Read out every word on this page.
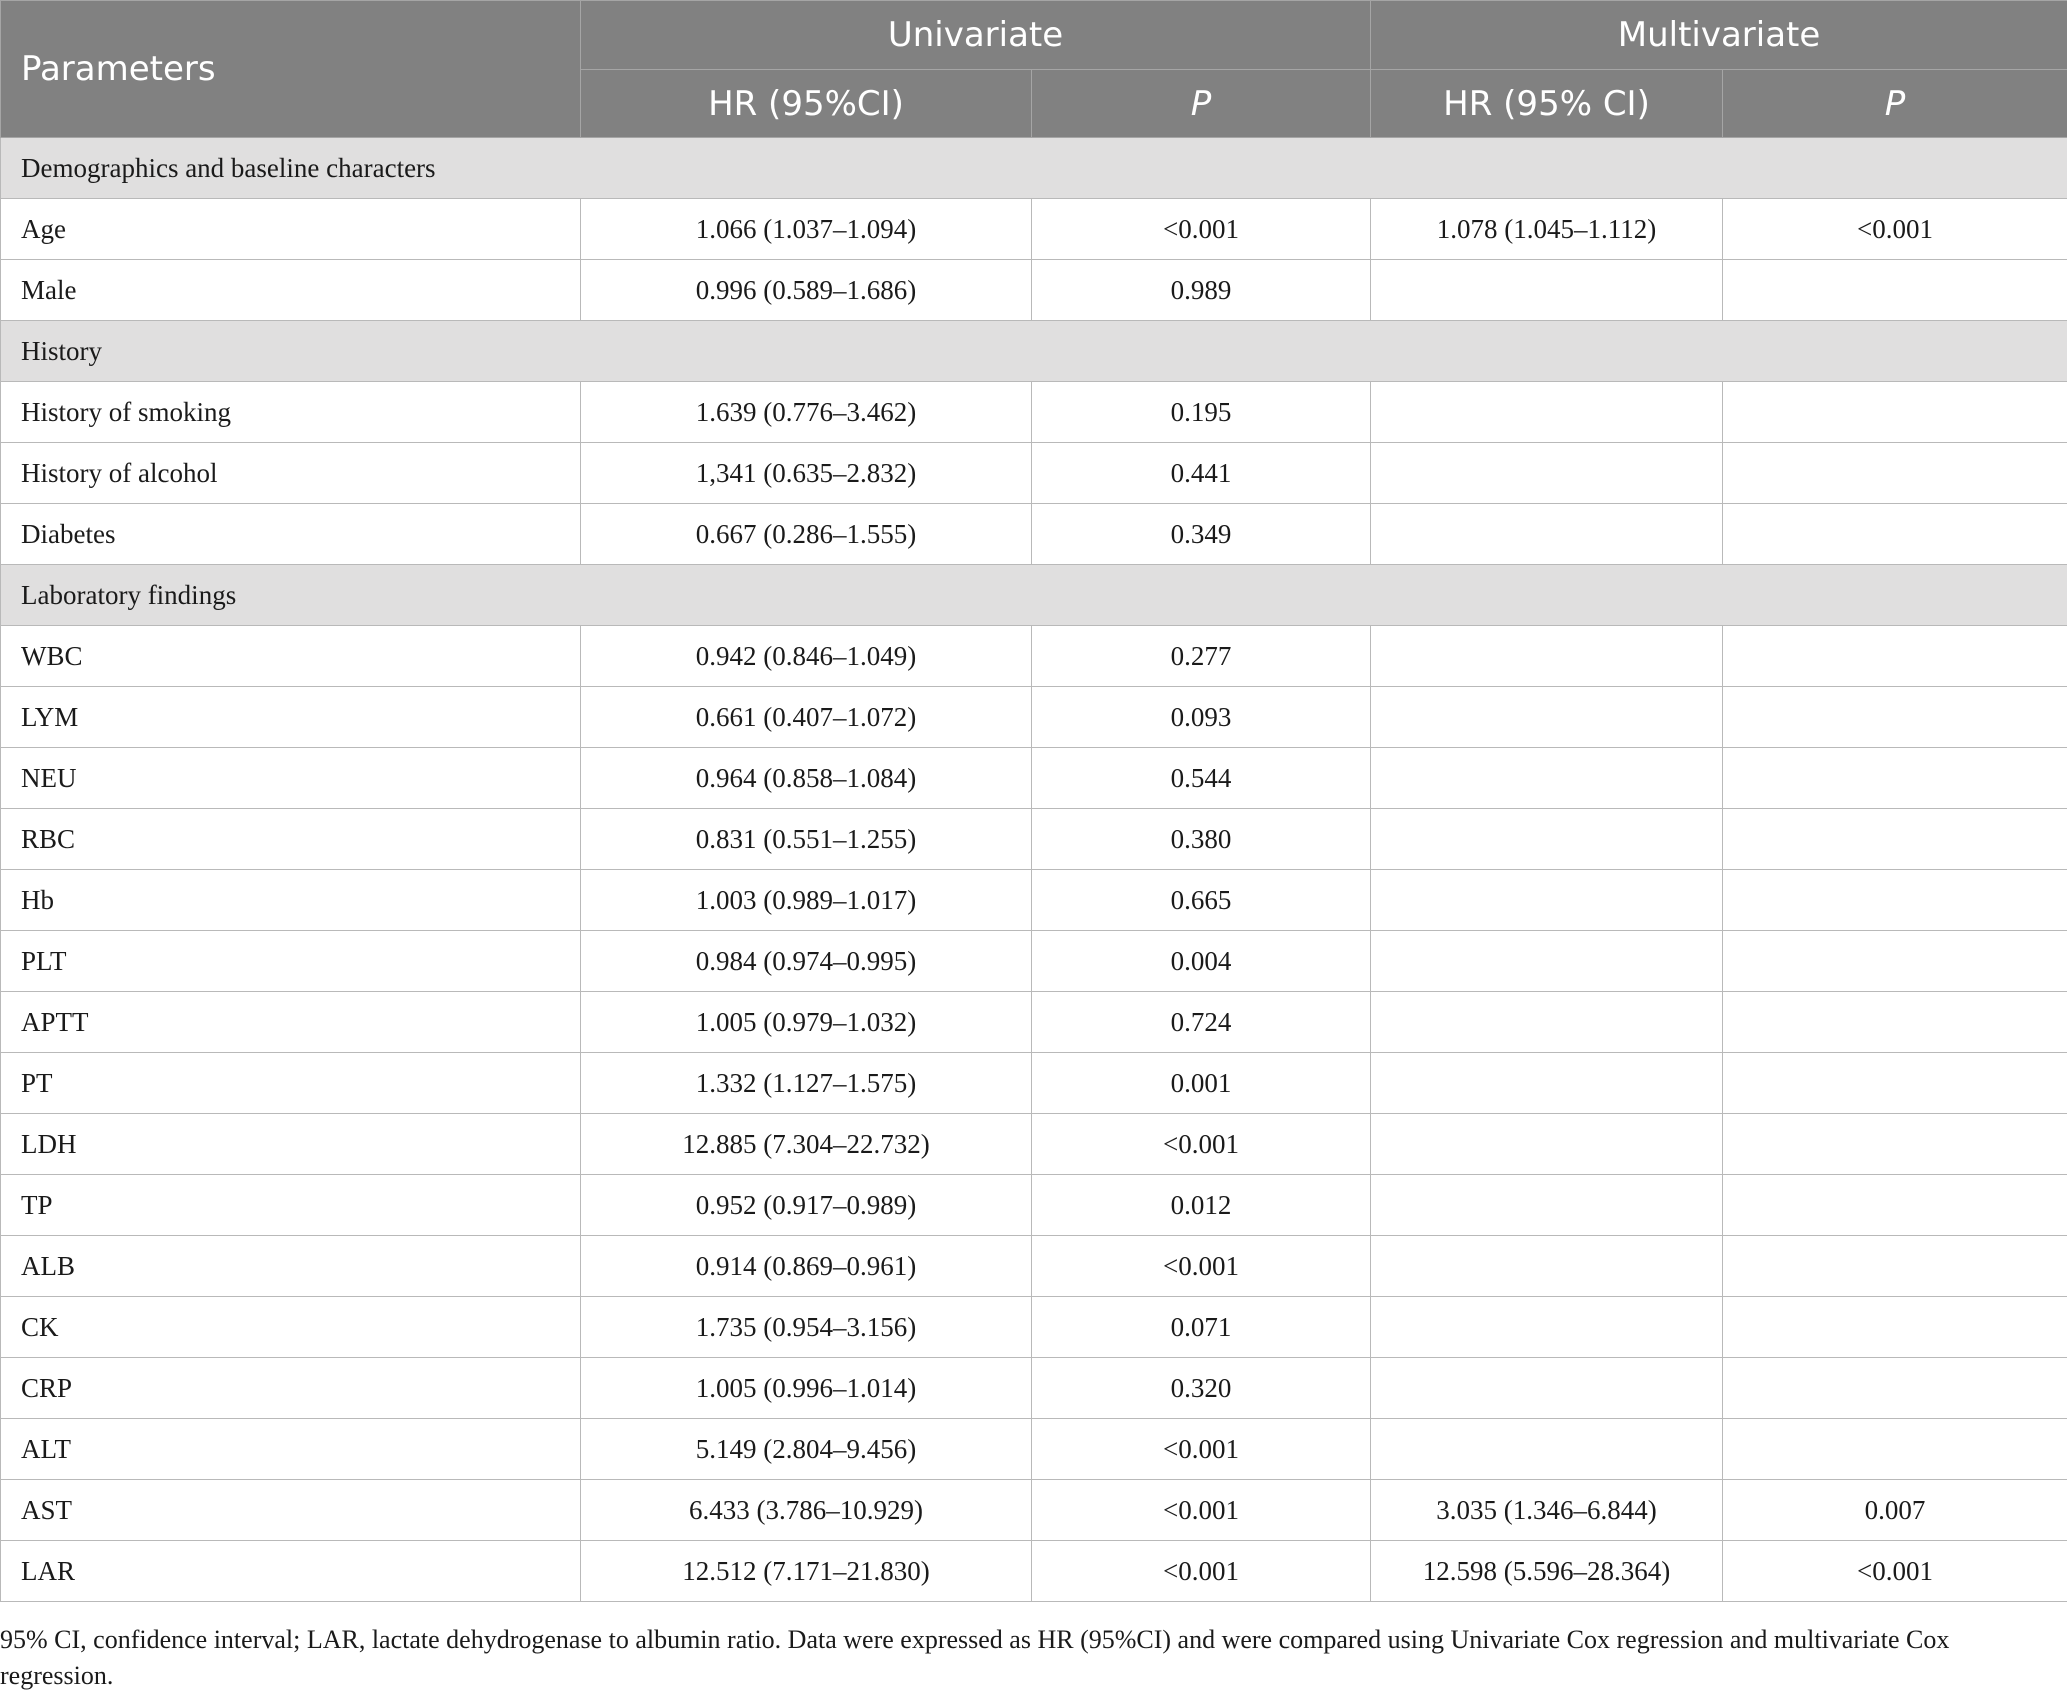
Parameters	Univariate		Multivariate	
	HR (95%CI)	P	HR (95% CI)	P
Demographics and baseline characters				
Age	1.066 (1.037–1.094)	<0.001	1.078 (1.045–1.112)	<0.001
Male	0.996 (0.589–1.686)	0.989		
History				
History of smoking	1.639 (0.776–3.462)	0.195		
History of alcohol	1,341 (0.635–2.832)	0.441		
Diabetes	0.667 (0.286–1.555)	0.349		
Laboratory findings				
WBC	0.942 (0.846–1.049)	0.277		
LYM	0.661 (0.407–1.072)	0.093		
NEU	0.964 (0.858–1.084)	0.544		
RBC	0.831 (0.551–1.255)	0.380		
Hb	1.003 (0.989–1.017)	0.665		
PLT	0.984 (0.974–0.995)	0.004		
APTT	1.005 (0.979–1.032)	0.724		
PT	1.332 (1.127–1.575)	0.001		
LDH	12.885 (7.304–22.732)	<0.001		
TP	0.952 (0.917–0.989)	0.012		
ALB	0.914 (0.869–0.961)	<0.001		
CK	1.735 (0.954–3.156)	0.071		
CRP	1.005 (0.996–1.014)	0.320		
ALT	5.149 (2.804–9.456)	<0.001		
AST	6.433 (3.786–10.929)	<0.001	3.035 (1.346–6.844)	0.007
LAR	12.512 (7.171–21.830)	<0.001	12.598 (5.596–28.364)	<0.001
95% CI, confidence interval; LAR, lactate dehydrogenase to albumin ratio. Data were expressed as HR (95%CI) and were compared using Univariate Cox regression and multivariate Cox regression.
